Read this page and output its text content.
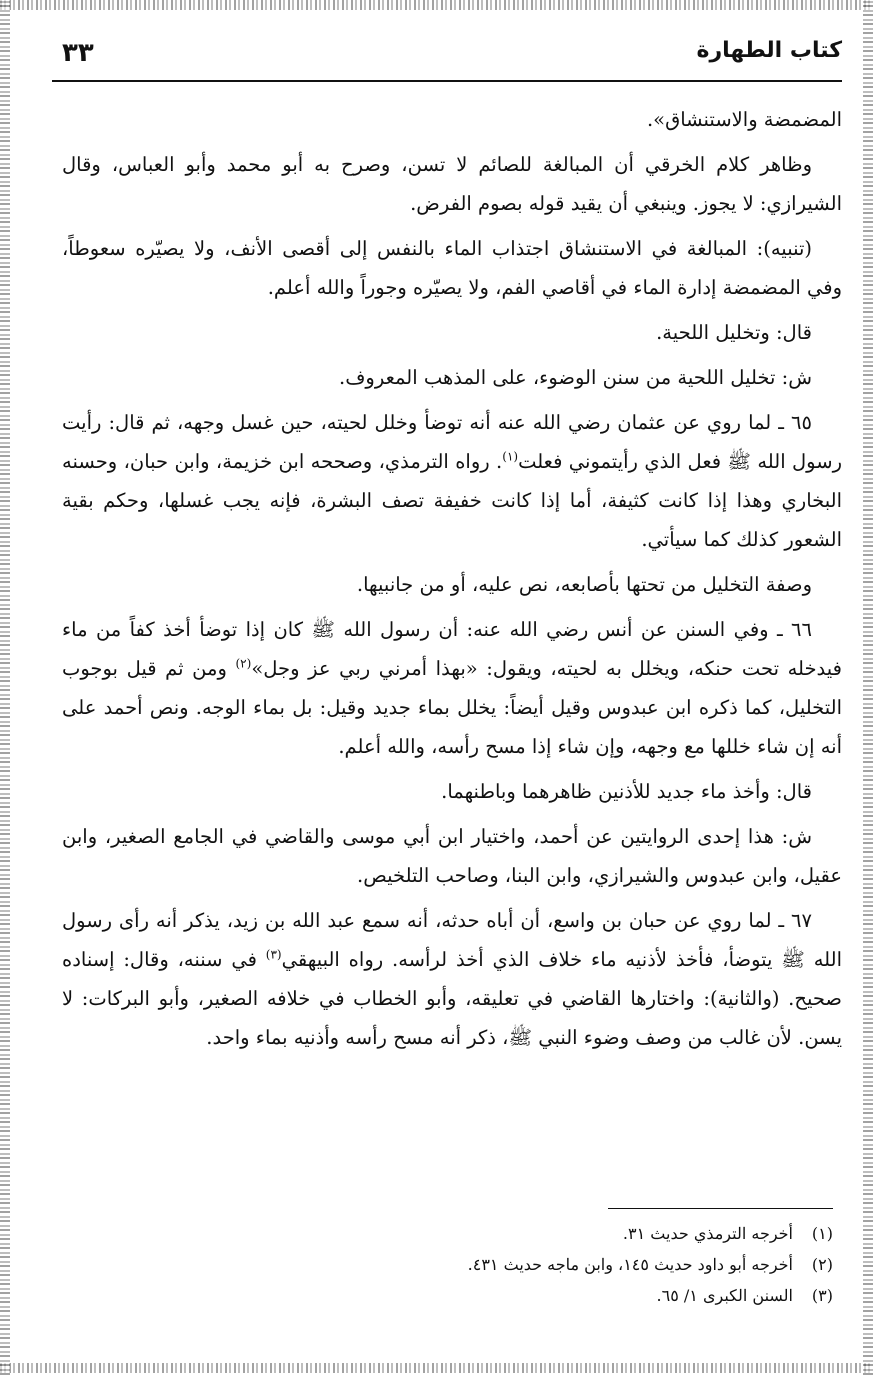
٣٣	كتاب الطهارة

المضمضة والاستنشاق».

وظاهر كلام الخرقي أن المبالغة للصائم لا تسن، وصرح به أبو محمد وأبو العباس، وقال الشيرازي: لا يجوز. وينبغي أن يقيد قوله بصوم الفرض.

(تنبيه): المبالغة في الاستنشاق اجتذاب الماء بالنفس إلى أقصى الأنف، ولا يصيّره سعوطاً، وفي المضمضة إدارة الماء في أقاصي الفم، ولا يصيّره وجوراً والله أعلم.

قال: وتخليل اللحية.

ش: تخليل اللحية من سنن الوضوء، على المذهب المعروف.

٦٥ ـ لما روي عن عثمان رضي الله عنه أنه توضأ وخلل لحيته، حين غسل وجهه، ثم قال: رأيت رسول الله ﷺ فعل الذي رأيتموني فعلت$^{(١)}$. رواه الترمذي، وصححه ابن خزيمة، وابن حبان، وحسنه البخاري وهذا إذا كانت كثيفة، أما إذا كانت خفيفة تصف البشرة، فإنه يجب غسلها، وحكم بقية الشعور كذلك كما سيأتي.

وصفة التخليل من تحتها بأصابعه، نص عليه، أو من جانبيها.

٦٦ ـ وفي السنن عن أنس رضي الله عنه: أن رسول الله ﷺ كان إذا توضأ أخذ كفاً من ماء فيدخله تحت حنكه، ويخلل به لحيته، ويقول: «بهذا أمرني ربي عز وجل»$^{(٢)}$ ومن ثم قيل بوجوب التخليل، كما ذكره ابن عبدوس وقيل أيضاً: يخلل بماء جديد وقيل: بل بماء الوجه. ونص أحمد على أنه إن شاء خللها مع وجهه، وإن شاء إذا مسح رأسه، والله أعلم.

قال: وأخذ ماء جديد للأذنين ظاهرهما وباطنهما.

ش: هذا إحدى الروايتين عن أحمد، واختيار ابن أبي موسى والقاضي في الجامع الصغير، وابن عقيل، وابن عبدوس والشيرازي، وابن البنا، وصاحب التلخيص.

٦٧ ـ لما روي عن حبان بن واسع، أن أباه حدثه، أنه سمع عبد الله بن زيد، يذكر أنه رأى رسول الله ﷺ يتوضأ، فأخذ لأذنيه ماء خلاف الذي أخذ لرأسه. رواه البيهقي$^{(٣)}$ في سننه، وقال: إسناده صحيح. (والثانية): واختارها القاضي في تعليقه، وأبو الخطاب في خلافه الصغير، وأبو البركات: لا يسن. لأن غالب من وصف وضوء النبي ﷺ، ذكر أنه مسح رأسه وأذنيه بماء واحد.

(١)أخرجه الترمذي حديث ٣١.
(٢)أخرجه أبو داود حديث ١٤٥، وابن ماجه حديث ٤٣١.
(٣)السنن الكبرى ١/ ٦٥.
